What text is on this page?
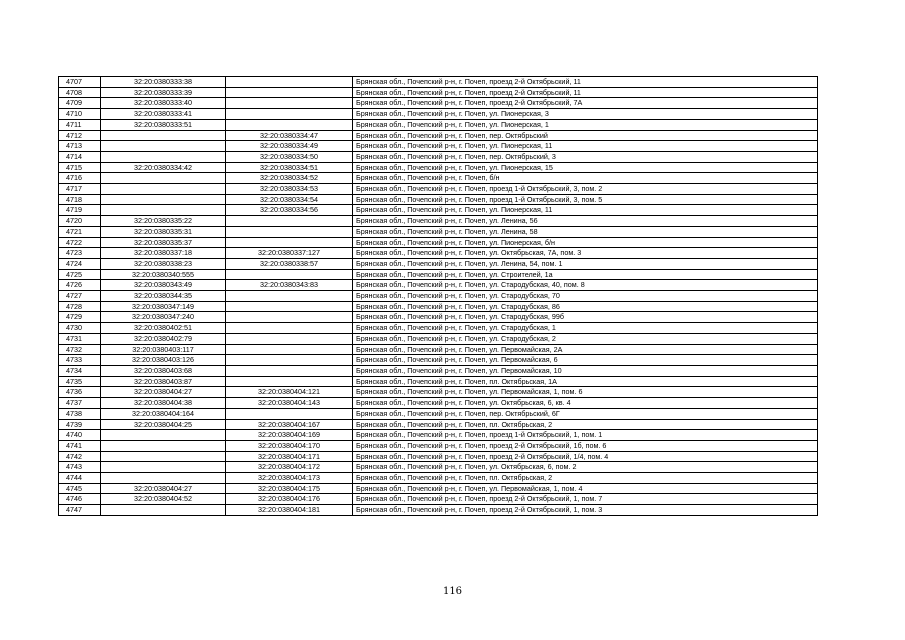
4707	32:20:0380333:38		Брянская обл., Почепский р-н, г. Почеп, проезд 2-й Октябрьский, 11
4708	32:20:0380333:39		Брянская обл., Почепский р-н, г. Почеп, проезд 2-й Октябрьский, 11
4709	32:20:0380333:40		Брянская обл., Почепский р-н, г. Почеп, проезд 2-й Октябрьский, 7А
4710	32:20:0380333:41		Брянская обл., Почепский р-н, г. Почеп, ул. Пионерская, 3
4711	32:20:0380333:51		Брянская обл., Почепский р-н, г. Почеп, ул. Пионерская, 1
4712		32:20:0380334:47	Брянская обл., Почепский р-н, г. Почеп, пер. Октябрьский
4713		32:20:0380334:49	Брянская обл., Почепский р-н, г. Почеп, ул. Пионерская, 11
4714		32:20:0380334:50	Брянская обл., Почепский р-н, г. Почеп, пер. Октябрьский, 3
4715	32:20:0380334:42	32:20:0380334:51	Брянская обл., Почепский р-н, г. Почеп, ул. Пионерская, 15
4716		32:20:0380334:52	Брянская обл., Почепский р-н, г. Почеп, б/н
4717		32:20:0380334:53	Брянская обл., Почепский р-н, г. Почеп, проезд 1-й Октябрьский, 3, пом. 2
4718		32:20:0380334:54	Брянская обл., Почепский р-н, г. Почеп, проезд 1-й Октябрьский, 3, пом. 5
4719		32:20:0380334:56	Брянская обл., Почепский р-н, г. Почеп, ул. Пионерская, 11
4720	32:20:0380335:22		Брянская обл., Почепский р-н, г. Почеп, ул. Ленина, 56
4721	32:20:0380335:31		Брянская обл., Почепский р-н, г. Почеп, ул. Ленина, 58
4722	32:20:0380335:37		Брянская обл., Почепский р-н, г. Почеп, ул. Пионерская, б/н
4723	32:20:0380337:18	32:20:0380337:127	Брянская обл., Почепский р-н, г. Почеп, ул. Октябрьская, 7А, пом. 3
4724	32:20:0380338:23	32:20:0380338:57	Брянская обл., Почепский р-н, г. Почеп, ул. Ленина, 54, пом. 1
4725	32:20:0380340:555		Брянская обл., Почепский р-н, г. Почеп, ул. Строителей, 1а
4726	32:20:0380343:49	32:20:0380343:83	Брянская обл., Почепский р-н, г. Почеп, ул. Стародубская, 40, пом. 8
4727	32:20:0380344:35		Брянская обл., Почепский р-н, г. Почеп, ул. Стародубская, 70
4728	32:20:0380347:149		Брянская обл., Почепский р-н, г. Почеп, ул. Стародубская, 86
4729	32:20:0380347:240		Брянская обл., Почепский р-н, г. Почеп, ул. Стародубская, 99б
4730	32:20:0380402:51		Брянская обл., Почепский р-н, г. Почеп, ул. Стародубская, 1
4731	32:20:0380402:79		Брянская обл., Почепский р-н, г. Почеп, ул. Стародубская, 2
4732	32:20:0380403:117		Брянская обл., Почепский р-н, г. Почеп, ул. Первомайская, 2А
4733	32:20:0380403:126		Брянская обл., Почепский р-н, г. Почеп, ул. Первомайская, 6
4734	32:20:0380403:68		Брянская обл., Почепский р-н, г. Почеп, ул. Первомайская, 10
4735	32:20:0380403:87		Брянская обл., Почепский р-н, г. Почеп, пл. Октябрьская, 1А
4736	32:20:0380404:27	32:20:0380404:121	Брянская обл., Почепский р-н, г. Почеп, ул. Первомайская, 1, пом. 6
4737	32:20:0380404:38	32:20:0380404:143	Брянская обл., Почепский р-н, г. Почеп, ул. Октябрьская, 6, кв. 4
4738	32:20:0380404:164		Брянская обл., Почепский р-н, г. Почеп, пер. Октябрьский, 6Г
4739	32:20:0380404:25	32:20:0380404:167	Брянская обл., Почепский р-н, г. Почеп, пл. Октябрьская, 2
4740		32:20:0380404:169	Брянская обл., Почепский р-н, г. Почеп, проезд 1-й Октябрьский, 1, пом. 1
4741		32:20:0380404:170	Брянская обл., Почепский р-н, г. Почеп, проезд 2-й Октябрьский, 1б, пом. 6
4742		32:20:0380404:171	Брянская обл., Почепский р-н, г. Почеп, проезд 2-й Октябрьский, 1/4, пом. 4
4743		32:20:0380404:172	Брянская обл., Почепский р-н, г. Почеп, ул. Октябрьская, 6, пом. 2
4744		32:20:0380404:173	Брянская обл., Почепский р-н, г. Почеп, пл. Октябрьская, 2
4745	32:20:0380404:27	32:20:0380404:175	Брянская обл., Почепский р-н, г. Почеп, ул. Первомайская, 1, пом. 4
4746	32:20:0380404:52	32:20:0380404:176	Брянская обл., Почепский р-н, г. Почеп, проезд 2-й Октябрьский, 1, пом. 7
4747		32:20:0380404:181	Брянская обл., Почепский р-н, г. Почеп, проезд 2-й Октябрьский, 1, пом. 3
116
